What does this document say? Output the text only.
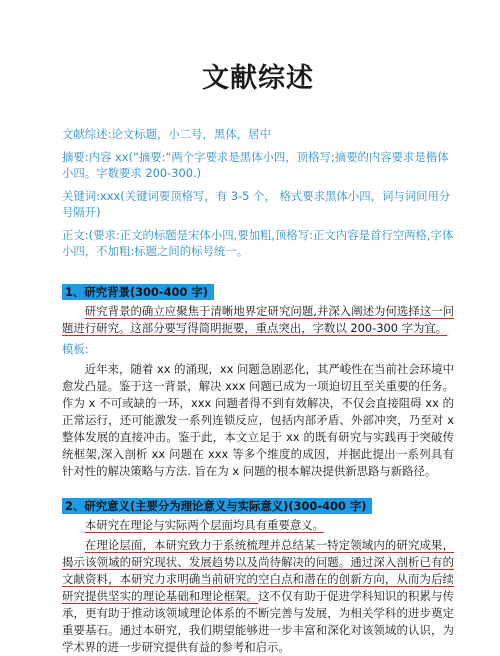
文献综述

文献综述:论文标题，小二号，黑体，居中

摘要:内容 xx(“摘要:“两个字要求是黑体小四，顶格写;摘要的内容要求是楷体小四。字数要求 200-300.)

关键词:xxx(关键词要顶格写，有 3-5 个， 格式要求黑体小四，词与词间用分号隔开)

正文:(要求:正文的标题是宋体小四,要加粗,顶格写:正文内容是首行空两格,字体小四，不加粗:标题之间的标号统一。

1、研究背景(300-400 字)

研究背景的确立应聚焦于清晰地界定研究问题,并深入阐述为何选择这一问题进行研究。这部分要写得简明扼要，重点突出，字数以 200-300 字为宜。

模板:

近年来，随着 xx 的涌现，xx 问题急剧恶化，其严峻性在当前社会环境中愈发凸显。鉴于这一背景，解决 xxx 问题已成为一项迫切且至关重要的任务。作为 x 不可或缺的一环，xxx 问题者得不到有效解决，不仅会直接阻碍 xx 的正常运行，还可能激发一系列连锁反应，包括内部矛盾、外部冲突，乃至对 x 整体发展的直接冲击。鉴于此，本文立足于 xx 的既有研究与实践再于突破传统框架,深入剖析 xx 问题在 xxx 等多个维度的成因，并据此提出一系列具有针对性的解决策略与方法. 旨在为 x 问题的根本解决提供新思路与新路径。

2、研究意义(主要分为理论意义与实际意义)(300-400 字)

本研究在理论与实际两个层面均具有重要意义。

在理论层面，本研究致力于系统梳理并总结某一特定领域内的研究成果，揭示该领域的研究现状、发展趋势以及尚待解决的问题。通过深入剖析已有的文献资料，本研究力求明确当前研究的空白点和潜在的创新方向，从而为后续研究提供坚实的理论基础和理论框架。这不仅有助于促进学科知识的积累与传承，更有助于推动该领域理论体系的不断完善与发展，为相关学科的进步奠定重要基石。通过本研究，我们期望能够进一步丰富和深化对该领域的认识，为学术界的进一步研究提供有益的参考和启示。
